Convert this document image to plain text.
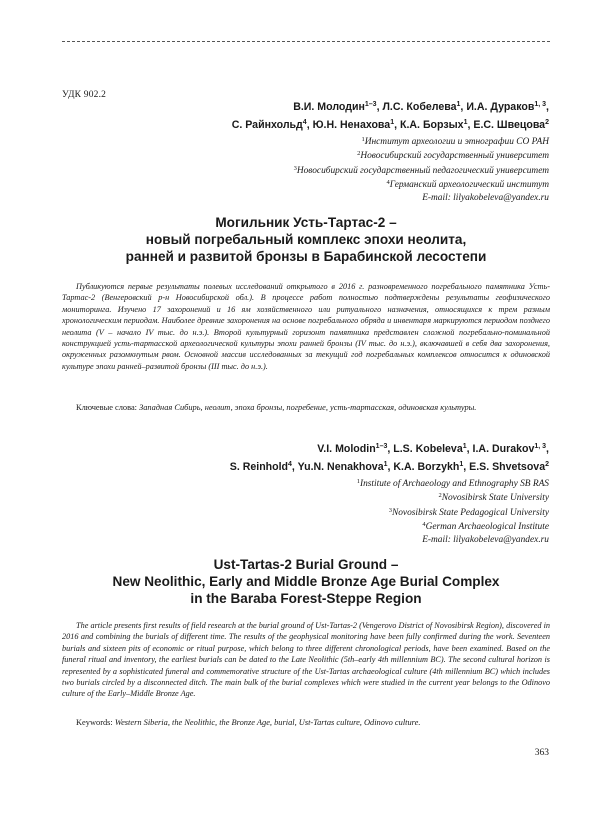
УДК 902.2
В.И. Молодин$^{1-3}$, Л.С. Кобелева$^1$, И.А. Дураков$^{1, 3}$,
С. Райнхольд$^4$, Ю.Н. Ненахова$^1$, К.А. Борзых$^1$, Е.С. Швецова$^2$
$^1$Институт археологии и этнографии СО РАН
$^2$Новосибирский государственный университет
$^3$Новосибирский государственный педагогический университет
$^4$Германский археологический институт
E-mail: lilyakobeleva@yandex.ru
Могильник Усть-Тартас-2 –
новый погребальный комплекс эпохи неолита,
ранней и развитой бронзы в Барабинской лесостепи
Публикуются первые результаты полевых исследований открытого в 2016 г. разновременного погребального памятника Усть-Тартас-2 (Венгеровский р-н Новосибирской обл.). В процессе работ полностью подтверждены результаты геофизического мониторинга. Изучено 17 захоронений и 16 ям хозяйственного или ритуального назначения, относящихся к трем разным хронологическим периодам. Наиболее древние захоронения на основе погребального обряда и инвентаря маркируются периодом позднего неолита (V – начало IV тыс. до н.э.). Второй культурный горизонт памятника представлен сложной погребально-поминальной конструкцией усть-тартасской археологической культуры эпохи ранней бронзы (IV тыс. до н.э.), включавшей в себя два захоронения, окруженных разомкнутым рвом. Основной массив исследованных за текущий год погребальных комплексов относится к одиновской культуре эпохи ранней–развитой бронзы (III тыс. до н.э.).
Ключевые слова: Западная Сибирь, неолит, эпоха бронзы, погребение, усть-тартасская, одиновская культуры.
V.I. Molodin$^{1-3}$, L.S. Kobeleva$^1$, I.A. Durakov$^{1, 3}$,
S. Reinhold$^4$, Yu.N. Nenakhova$^1$, K.A. Borzykh$^1$, E.S. Shvetsova$^2$
$^1$Institute of Archaeology and Ethnography SB RAS
$^2$Novosibirsk State University
$^3$Novosibirsk State Pedagogical University
$^4$German Archaeological Institute
E-mail: lilyakobeleva@yandex.ru
Ust-Tartas-2 Burial Ground –
New Neolithic, Early and Middle Bronze Age Burial Complex
in the Baraba Forest-Steppe Region
The article presents first results of field research at the burial ground of Ust-Tartas-2 (Vengerovo District of Novosibirsk Region), discovered in 2016 and combining the burials of different time. The results of the geophysical monitoring have been fully confirmed during the work. Seventeen burials and sixteen pits of economic or ritual purpose, which belong to three different chronological periods, have been examined. Based on the funeral ritual and inventory, the earliest burials can be dated to the Late Neolithic (5th–early 4th millennium BC). The second cultural horizon is represented by a sophisticated funeral and commemorative structure of the Ust-Tartas archaeological culture (4th millennium BC) which includes two burials circled by a disconnected ditch. The main bulk of the burial complexes which were studied in the current year belongs to the Odinovo culture of the Early–Middle Bronze Age.
Keywords: Western Siberia, the Neolithic, the Bronze Age, burial, Ust-Tartas culture, Odinovo culture.
363
